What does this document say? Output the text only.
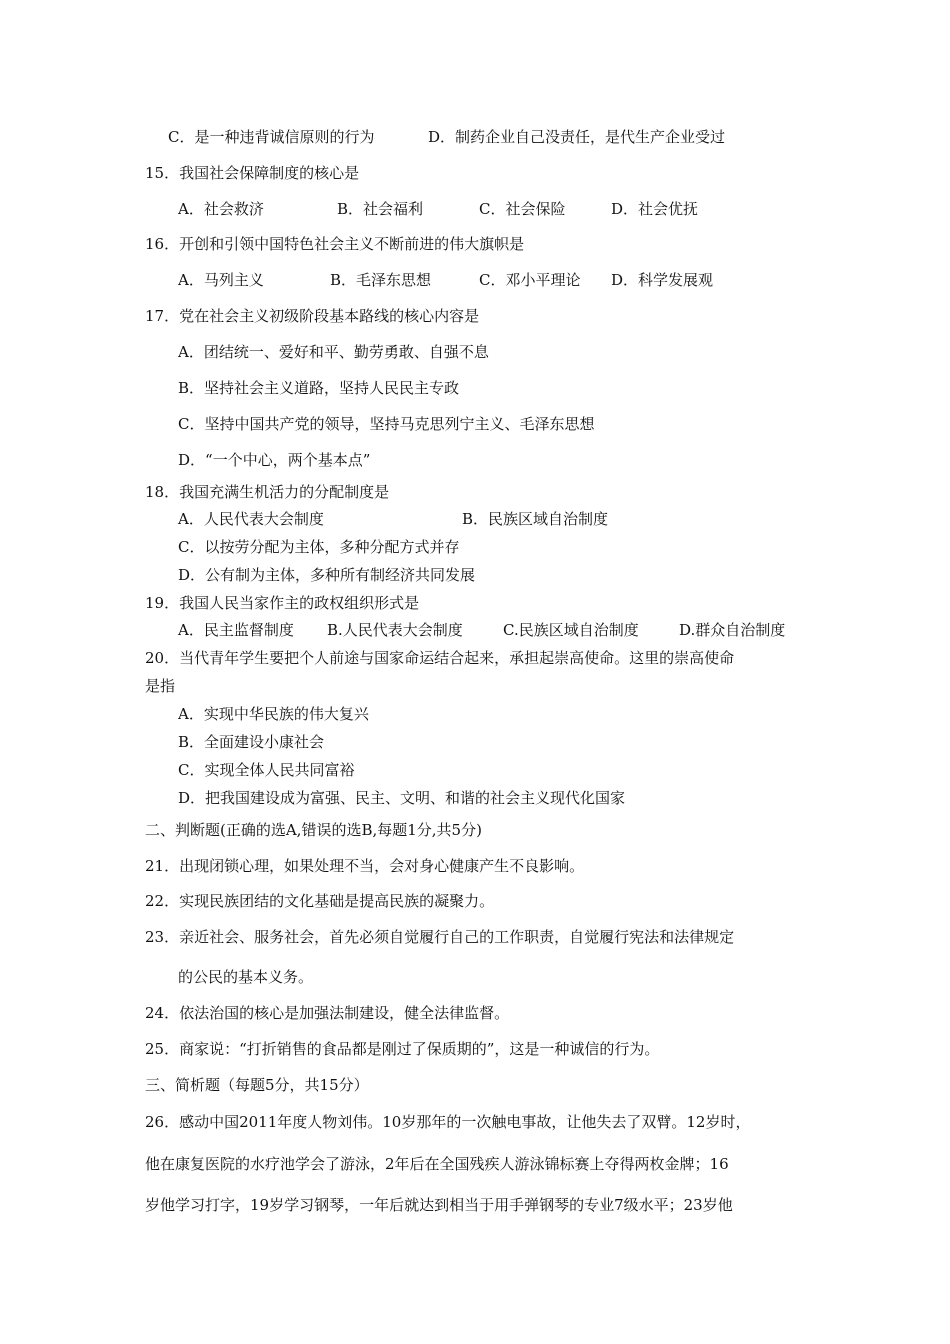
C．是一种违背诚信原则的行为	D．制药企业自己没责任，是代生产企业受过
15．我国社会保障制度的核心是
A．社会救济	B．社会福利	C．社会保险	D．社会优抚
16．开创和引领中国特色社会主义不断前进的伟大旗帜是
A．马列主义	B．毛泽东思想	C．邓小平理论 D．科学发展观
17．党在社会主义初级阶段基本路线的核心内容是
A．团结统一、爱好和平、勤劳勇敢、自强不息
B．坚持社会主义道路，坚持人民民主专政
C．坚持中国共产党的领导，坚持马克思列宁主义、毛泽东思想
D．“一个中心，两个基本点”
18．我国充满生机活力的分配制度是
A．人民代表大会制度	B．民族区域自治制度
C．以按劳分配为主体，多种分配方式并存
D．公有制为主体，多种所有制经济共同发展
19．我国人民当家作主的政权组织形式是
A．民主监督制度 B.人民代表大会制度	C.民族区域自治制度	D.群众自治制度
20．当代青年学生要把个人前途与国家命运结合起来，承担起崇高使命。这里的崇高使命
是指
A．实现中华民族的伟大复兴
B．全面建设小康社会
C．实现全体人民共同富裕
D．把我国建设成为富强、民主、文明、和谐的社会主义现代化国家
二、判断题(正确的选A,错误的选B,每题1分,共5分)
21．出现闭锁心理，如果处理不当，会对身心健康产生不良影响。
22．实现民族团结的文化基础是提高民族的凝聚力。
23．亲近社会、服务社会，首先必须自觉履行自己的工作职责，自觉履行宪法和法律规定
的公民的基本义务。
24．依法治国的核心是加强法制建设，健全法律监督。
25．商家说：“打折销售的食品都是刚过了保质期的”，这是一种诚信的行为。
三、简析题（每题5分，共15分）
26．感动中国2011年度人物刘伟。10岁那年的一次触电事故，让他失去了双臂。12岁时，
他在康复医院的水疗池学会了游泳，2年后在全国残疾人游泳锦标赛上夺得两枚金牌；16
岁他学习打字，19岁学习钢琴，一年后就达到相当于用手弹钢琴的专业7级水平；23岁他
